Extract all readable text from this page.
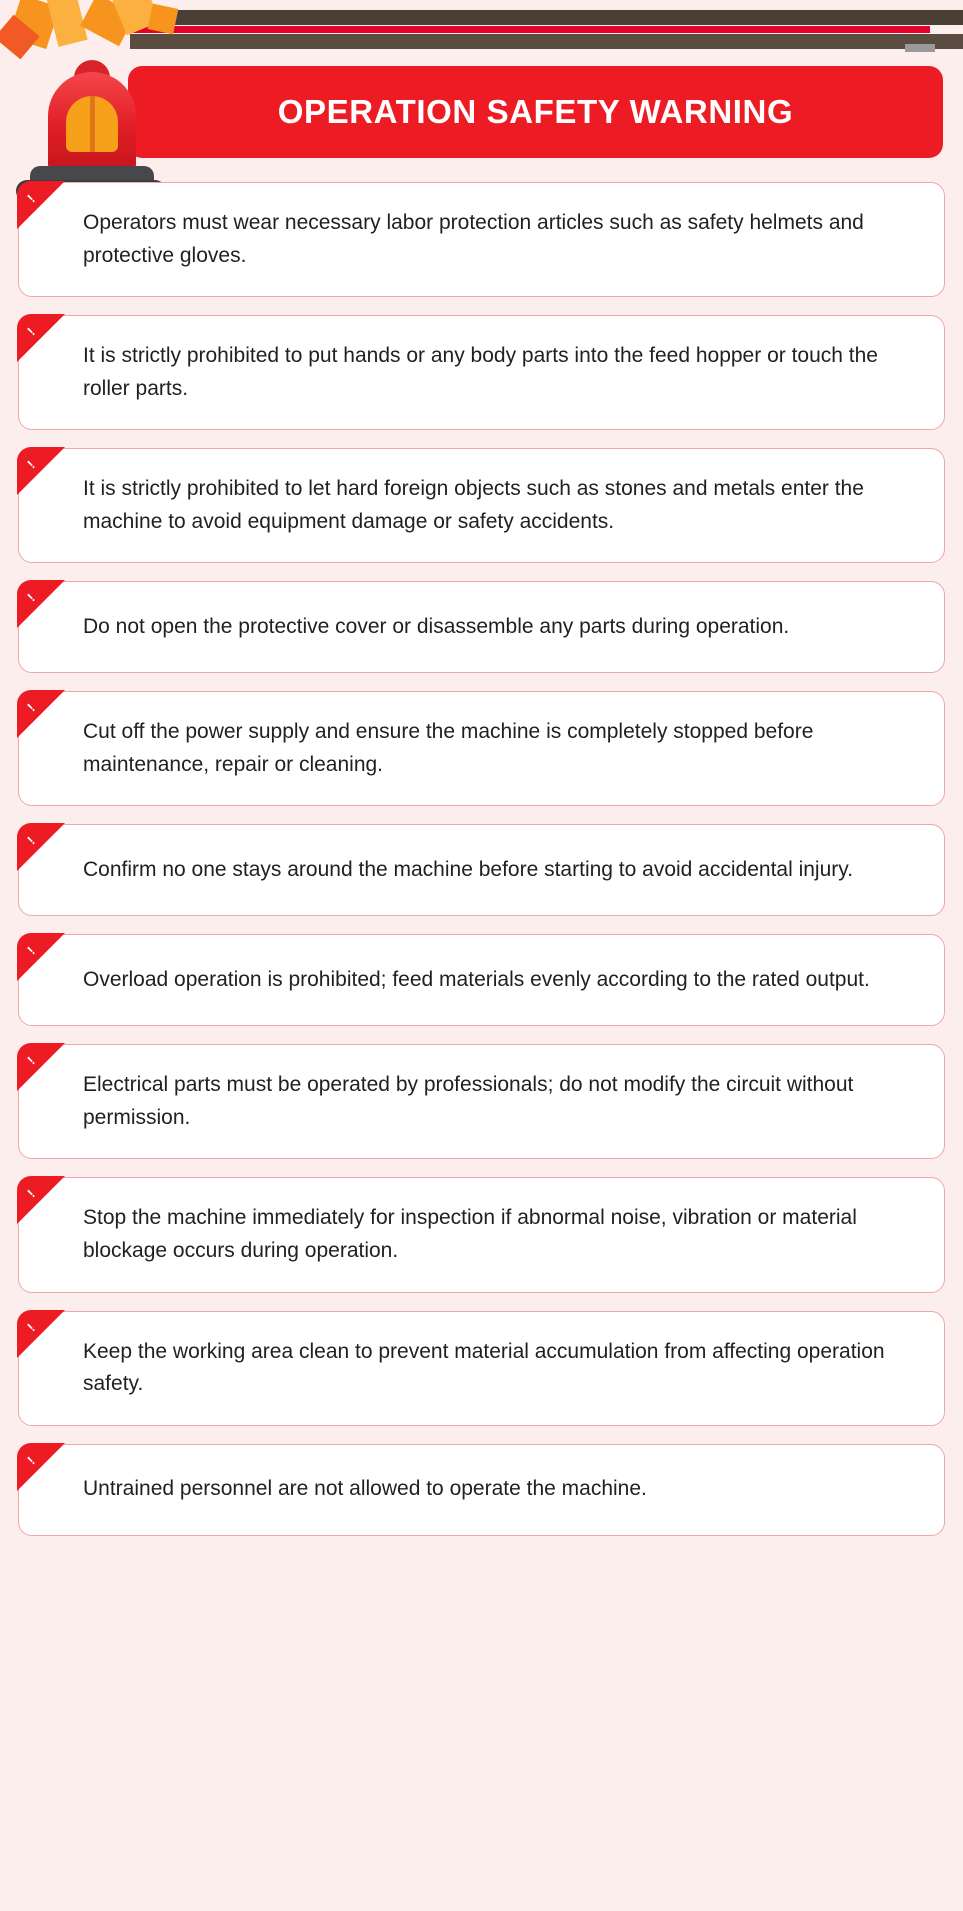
OPERATION SAFETY WARNING
!
Operators must wear necessary labor protection articles such as safety helmets and protective gloves.
!
It is strictly prohibited to put hands or any body parts into the feed hopper or touch the roller parts.
!
It is strictly prohibited to let hard foreign objects such as stones and metals enter the machine to avoid equipment damage or safety accidents.
!
Do not open the protective cover or disassemble any parts during operation.
!
Cut off the power supply and ensure the machine is completely stopped before maintenance, repair or cleaning.
!
Confirm no one stays around the machine before starting to avoid accidental injury.
!
Overload operation is prohibited; feed materials evenly according to the rated output.
!
Electrical parts must be operated by professionals; do not modify the circuit without permission.
!
Stop the machine immediately for inspection if abnormal noise, vibration or material blockage occurs during operation.
!
Keep the working area clean to prevent material accumulation from affecting operation safety.
!
Untrained personnel are not allowed to operate the machine.
